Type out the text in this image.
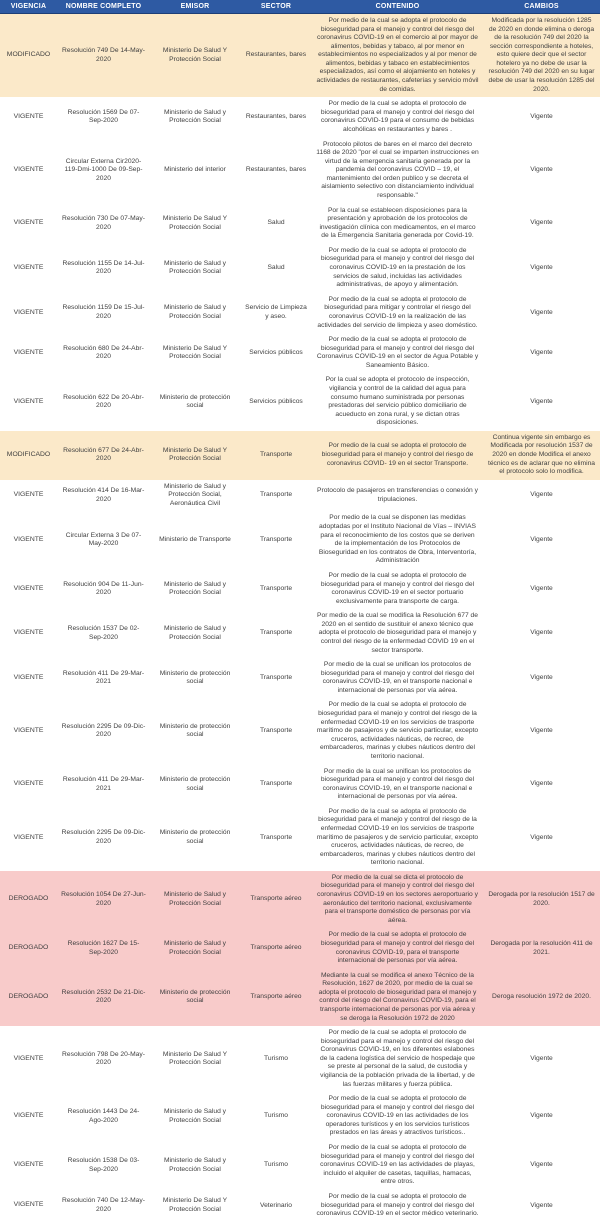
VIGENCIA	NOMBRE COMPLETO	EMISOR	SECTOR	CONTENIDO	CAMBIOS
MODIFICADO	Resolución 749 De 14-May-2020	Ministerio De Salud Y Protección Social	Restaurantes, bares	Por medio de la cual se adopta el protocolo de bioseguridad para el manejo y control del riesgo del coronavirus COVID-19 en el comercio al por mayor de alimentos, bebidas y tabaco, al por menor en establecimientos no especializados y al por menor de alimentos, bebidas y tabaco en establecimientos especializados, así como el alojamiento en hoteles y actividades de restaurantes, cafeterías y servicio móvil de comidas.	Modificada por la resolución 1285 de 2020 en donde elimina o deroga de la resolución 749 del 2020 la sección correspondiente a hoteles, esto quiere decir que el sector hotelero ya no debe de usar la resolución 749 del 2020 en su lugar debe de usar la resolución 1285 del 2020.
VIGENTE	Resolución 1569 De 07-Sep-2020	Ministerio de Salud y Protección Social	Restaurantes, bares	Por medio de la cual se adopta el protocolo de bioseguridad para el manejo y control del riesgo del coronavirus COVID-19 para el consumo de bebidas alcohólicas en restaurantes y bares .	Vigente
VIGENTE	Circular Externa Cir2020-119-Dmi-1000 De 09-Sep-2020	Ministerio del interior	Restaurantes, bares	Protocolo pilotos de bares en el marco del decreto 1168 de 2020 "por el cual se imparten instrucciones en virtud de la emergencia sanitaria generada por la pandemia del coronavirus COVID – 19, el mantenimiento del orden publico y se decreta el aislamiento selectivo con distanciamiento individual responsable."	Vigente
VIGENTE	Resolución 730 De 07-May-2020	Ministerio De Salud Y Protección Social	Salud	Por la cual se establecen disposiciones para la presentación y aprobación de los protocolos de investigación clínica con medicamentos, en el marco de la Emergencia Sanitaria generada por Covid-19.	Vigente
VIGENTE	Resolución 1155 De 14-Jul-2020	Ministerio de Salud y Protección Social	Salud	Por medio de la cual se adopta el protocolo de bioseguridad para el manejo y control del riesgo del coronavirus COVID-19 en la prestación de los servicios de salud, incluidas las actividades administrativas, de apoyo y alimentación.	Vigente
VIGENTE	Resolución 1159 De 15-Jul-2020	Ministerio de Salud y Protección Social	Servicio de Limpieza y aseo.	Por medio de la cual se adopta el protocolo de bioseguridad para mitigar y controlar el riesgo del coronavirus COVID-19 en la realización de las actividades del servicio de limpieza y aseo doméstico.	Vigente
VIGENTE	Resolución 680 De 24-Abr-2020	Ministerio De Salud Y Protección Social	Servicios públicos	Por medio de la cual se adopta el protocolo de bioseguridad para el manejo y control del riesgo del Coronavirus COVID-19 en el sector de Agua Potable y Saneamiento Básico.	Vigente
VIGENTE	Resolución 622 De 20-Abr-2020	Ministerio de protección social	Servicios públicos	Por la cual se adopta el protocolo de inspección, vigilancia y control de la calidad del agua para consumo humano suministrada por personas prestadoras del servicio público domiciliario de acueducto en zona rural, y se dictan otras disposiciones.	Vigente
MODIFICADO	Resolución 677 De 24-Abr-2020	Ministerio De Salud Y Protección Social	Transporte	Por medio de la cual se adopta el protocolo de bioseguridad para el manejo y control del riesgo de coronavirus COVID- 19 en el sector Transporte.	Continua vigente sin embargo es Modificada por resolución 1537 de 2020 en donde Modifica el anexo técnico es de aclarar que no elimina el protocolo solo lo modifica.
VIGENTE	Resolución 414 De 16-Mar-2020	Ministerio de Salud y Protección Social, Aeronáutica Civil	Transporte	Protocolo de pasajeros en transferencias o conexión y tripulaciones.	Vigente
VIGENTE	Circular Externa 3 De 07-May-2020	Ministerio de Transporte	Transporte	Por medio de la cual se disponen las medidas adoptadas por el Instituto Nacional de Vías – INVIAS para el reconocimiento de los costos que se deriven de la implementación de los Protocolos de Bioseguridad en los contratos de Obra, Interventoría, Administración	Vigente
VIGENTE	Resolución 904 De 11-Jun-2020	Ministerio de Salud y Protección Social	Transporte	Por medio de la cual se adopta el protocolo de bioseguridad para el manejo y control del riesgo del coronavirus COVID-19 en el sector portuario exclusivamente para transporte de carga.	Vigente
VIGENTE	Resolución 1537 De 02-Sep-2020	Ministerio de Salud y Protección Social	Transporte	Por medio de la cual se modifica la Resolución 677 de 2020 en el sentido de sustituir el anexo técnico que adopta el protocolo de bioseguridad para el manejo y control del riesgo de la enfermedad COVID 19 en el sector transporte.	Vigente
VIGENTE	Resolución 411 De 29-Mar-2021	Ministerio de protección social	Transporte	Por medio de la cual se unifican los protocolos de bioseguridad para el manejo y control del riesgo del coronavirus COVID-19, en el transporte nacional e internacional de personas por vía aérea.	Vigente
VIGENTE	Resolución 2295 De 09-Dic-2020	Ministerio de protección social	Transporte	Por medio de la cual se adopta el protocolo de bioseguridad para el manejo y control del riesgo de la enfermedad COVID-19 en los servicios de trasporte marítimo de pasajeros y de servicio particular, excepto cruceros, actividades náuticas, de recreo, de embarcaderos, marinas y clubes náuticos dentro del territorio nacional.	Vigente
VIGENTE	Resolución 411 De 29-Mar-2021	Ministerio de protección social	Transporte	Por medio de la cual se unifican los protocolos de bioseguridad para el manejo y control del riesgo del coronavirus COVID-19, en el transporte nacional e internacional de personas por vía aérea.	Vigente
VIGENTE	Resolución 2295 De 09-Dic-2020	Ministerio de protección social	Transporte	Por medio de la cual se adopta el protocolo de bioseguridad para el manejo y control del riesgo de la enfermedad COVID-19 en los servicios de trasporte marítimo de pasajeros y de servicio particular, excepto cruceros, actividades náuticas, de recreo, de embarcaderos, marinas y clubes náuticos dentro del territorio nacional.	Vigente
DEROGADO	Resolución 1054 De 27-Jun-2020	Ministerio de Salud y Protección Social	Transporte aéreo	Por medio de la cual se dicta el protocolo de bioseguridad para el manejo y control del riesgo del coronavirus COVID-19 en los sectores aeroportuario y aeronáutico del territorio nacional, exclusivamente para el transporte doméstico de personas por vía aérea.	Derogada por la resolución 1517 de 2020.
DEROGADO	Resolución 1627 De 15-Sep-2020	Ministerio de Salud y Protección Social	Transporte aéreo	Por medio de la cual se adopta el protocolo de bioseguridad para el manejo y control del riesgo del coronavirus COVID-19, para el transporte internacional de personas por vía aérea.	Derogada por la resolución 411 de 2021.
DEROGADO	Resolución 2532 De 21-Dic-2020	Ministerio de protección social	Transporte aéreo	Mediante la cual se modifica el anexo Técnico de la Resolución, 1627 de 2020, por medio de la cual se adopta el protocolo de bioseguridad para el manejo y control del riesgo del Coronavirus COVID-19, para el transporte internacional de personas por vía aérea y se deroga la Resolución 1972 de 2020	Deroga resolución 1972 de 2020.
VIGENTE	Resolución 798 De 20-May-2020	Ministerio De Salud Y Protección Social	Turismo	Por medio de la cual se adopta el protocolo de bioseguridad para el manejo y control del riesgo del Coronavirus COVID-19, en los diferentes eslabones de la cadena logística del servicio de hospedaje que se preste al personal de la salud, de custodia y vigilancia de la población privada de la libertad, y de las fuerzas militares y fuerza pública.	Vigente
VIGENTE	Resolución 1443 De 24-Ago-2020	Ministerio de Salud y Protección Social	Turismo	Por medio de la cual se adopta el protocolo de bioseguridad para el manejo y control del riesgo del coronavirus COVID-19 en las actividades de los operadores turísticos y en los servicios turísticos prestados en las áreas y atractivos turísticos..	Vigente
VIGENTE	Resolución 1538 De 03-Sep-2020	Ministerio de Salud y Protección Social	Turismo	Por medio de la cual se adopta el protocolo de bioseguridad para el manejo y control del riesgo del coronavirus COVID-19 en las actividades de playas, incluido el alquiler de casetas, taquillas, hamacas, entre otros.	Vigente
VIGENTE	Resolución 740 De 12-May-2020	Ministerio De Salud Y Protección Social	Veterinario	Por medio de la cual se adopta el protocolo de bioseguridad para el manejo y control del riesgo del coronavirus COVID-19 en el sector médico veterinario.	Vigente
